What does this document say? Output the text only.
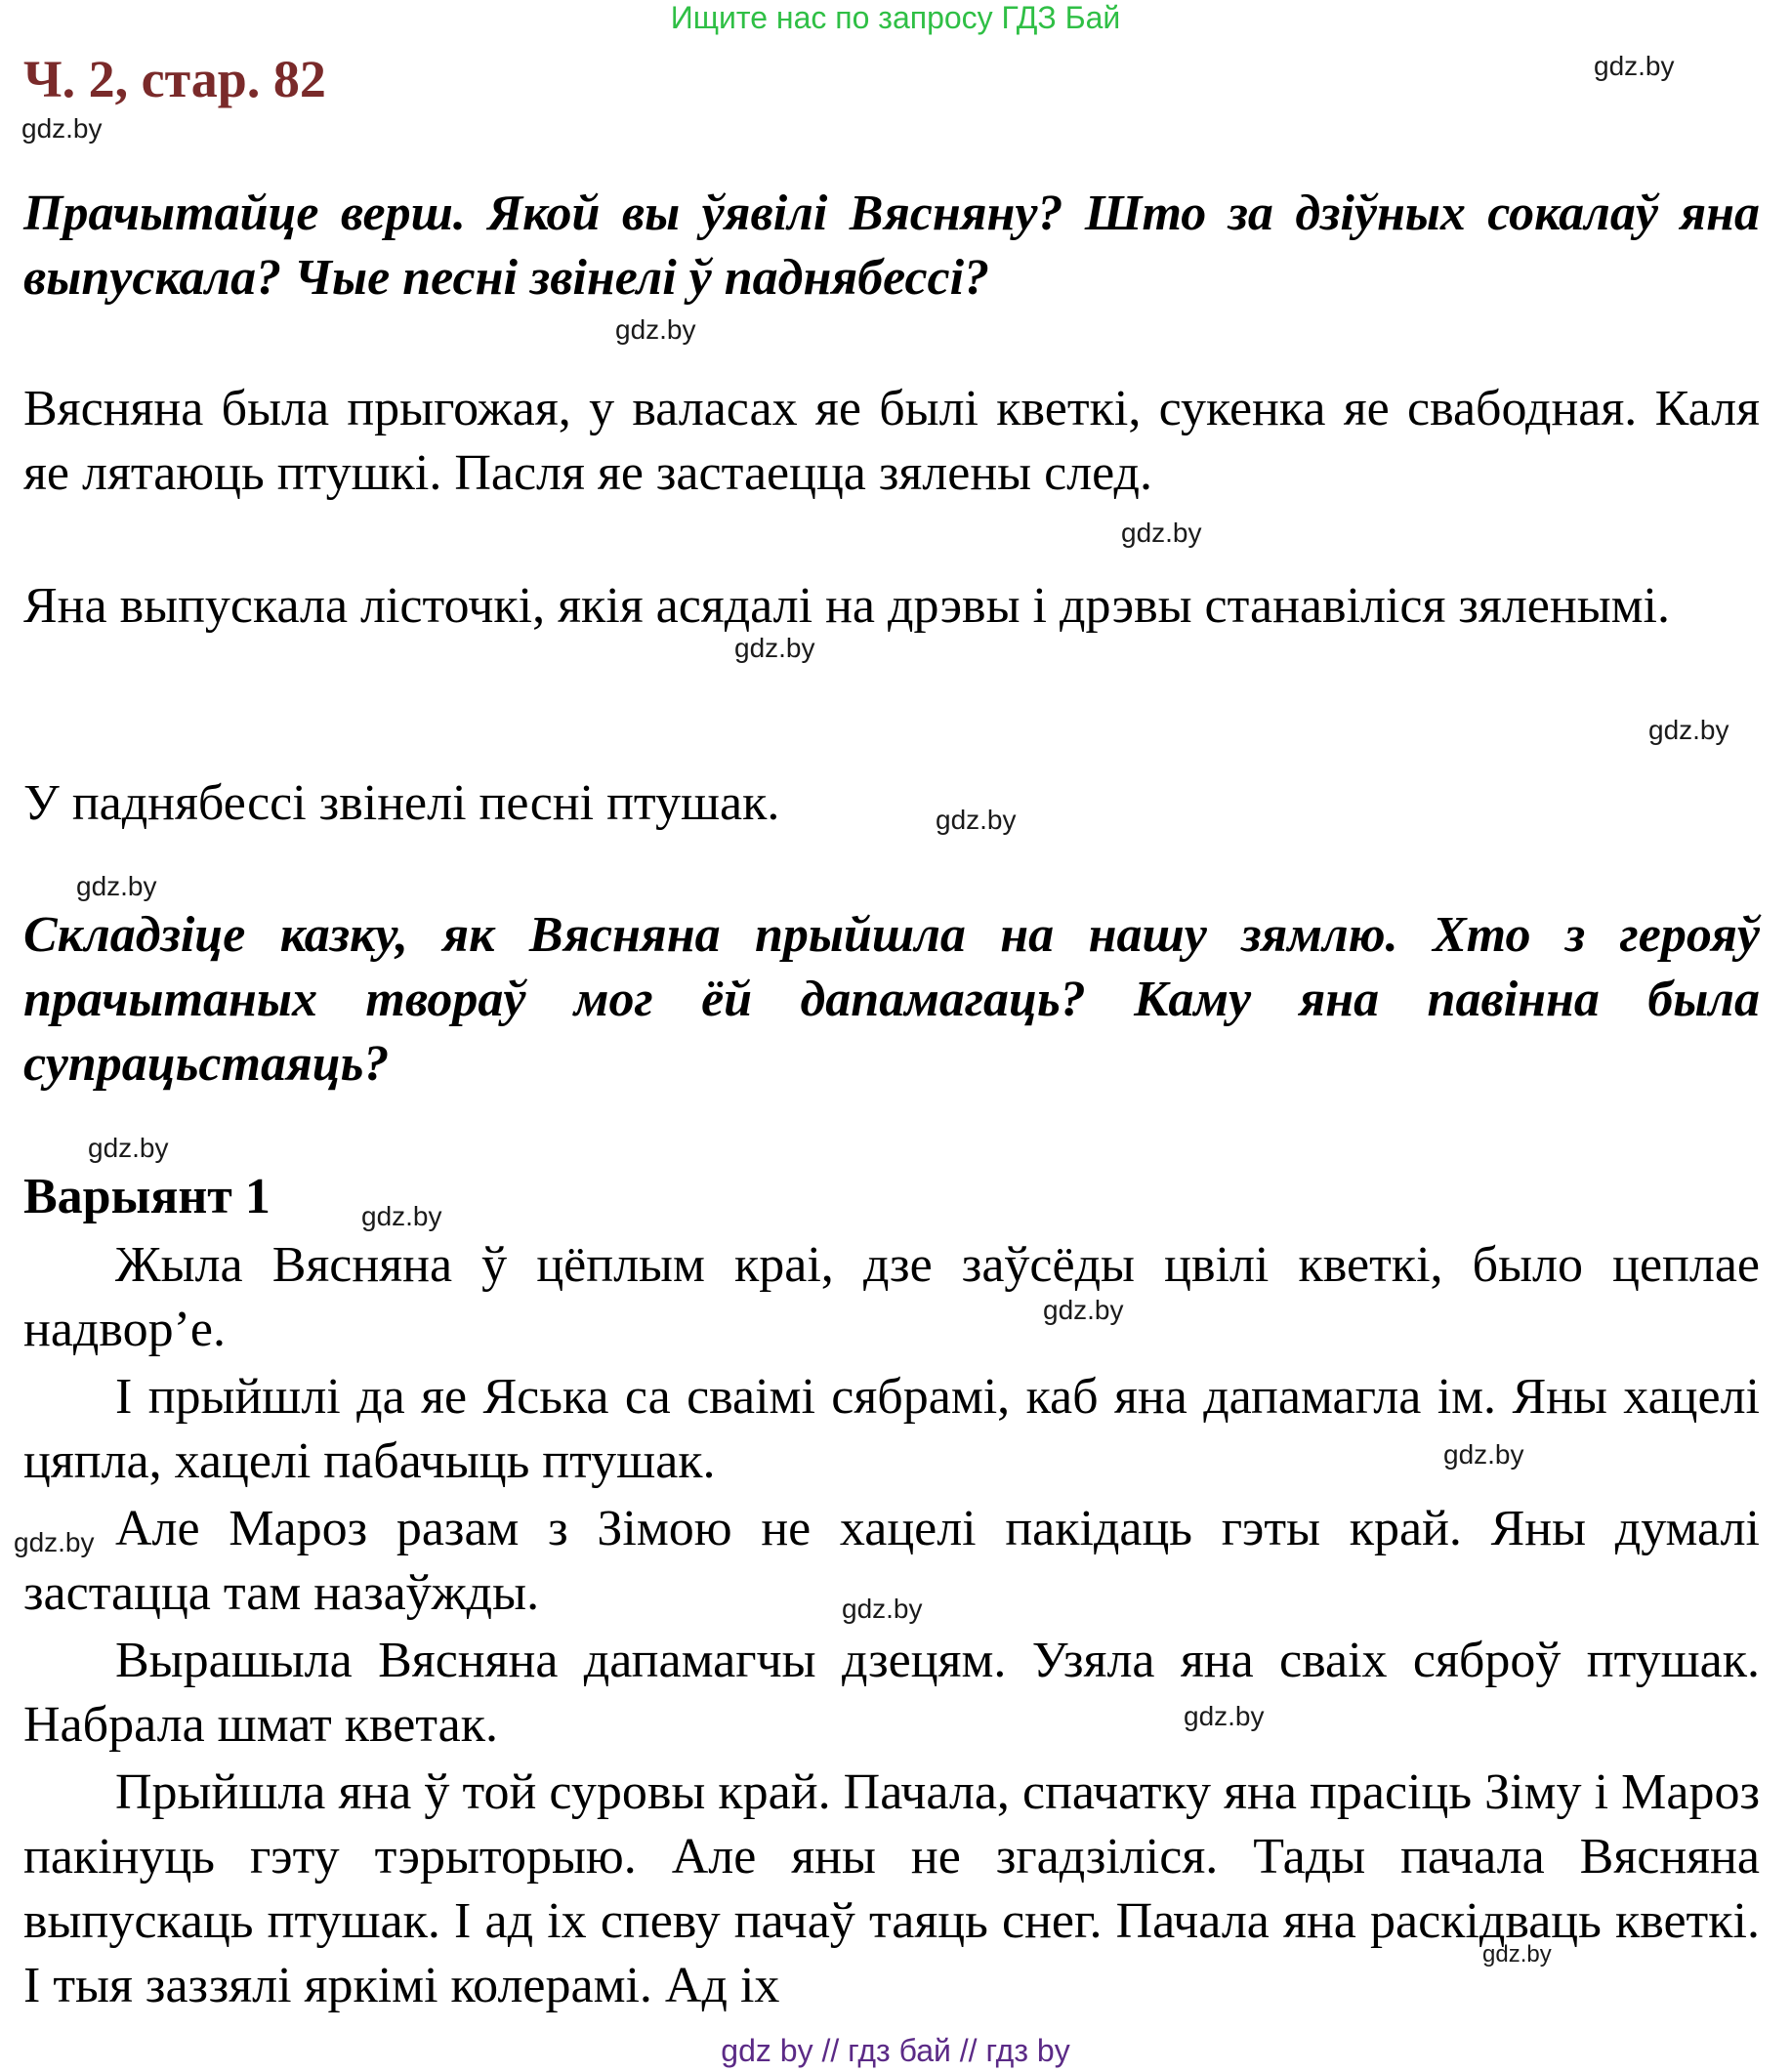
Ищите нас по запросу ГДЗ Бай
Ч. 2, стар. 82
Прачытайце верш. Якой вы ўявілі Вясняну? Што за дзіўных сокалаў яна выпускала? Чые песні звінелі ў паднябессі?
Вясняна была прыгожая, у валасах яе былі кветкі, сукенка яе свабодная. Каля яе лятаюць птушкі. Пасля яе застаецца зялены след.
Яна выпускала лісточкі, якія асядалі на дрэвы і дрэвы станавіліся зяленымі.
У паднябессі звінелі песні птушак.
Складзіце казку, як Вясняна прыйшла на нашу зямлю. Хто з герояў прачытаных твораў мог ёй дапамагаць? Каму яна павінна была супрацьстаяць?
Варыянт 1
Жыла Вясняна ў цёплым краі, дзе заўсёды цвілі кветкі, было цеплае надвор’е.
І прыйшлі да яе Яська са сваімі сябрамі, каб яна дапамагла ім. Яны хацелі цяпла, хацелі пабачыць птушак.
Але Мароз разам з Зімою не хацелі пакідаць гэты край. Яны думалі застацца там назаўжды.
Вырашыла Вясняна дапамагчы дзецям. Узяла яна сваіх сяброў птушак. Набрала шмат кветак.
Прыйшла яна ў той суровы край. Пачала, спачатку яна прасіць Зіму і Мароз пакінуць гэту тэрыторыю. Але яны не згадзіліся. Тады пачала Вясняна выпускаць птушак. І ад іх спеву пачаў таяць снег. Пачала яна раскідваць кветкі. І тыя заззялі яркімі колерамі. Ад іх
gdz.by
gdz.by
gdz.by
gdz.by
gdz.by
gdz.by
gdz.by
gdz.by
gdz.by
gdz.by
gdz.by
gdz.by
gdz.by
gdz.by
gdz.by
gdz.by
gdz by // гдз бай // гдз by
